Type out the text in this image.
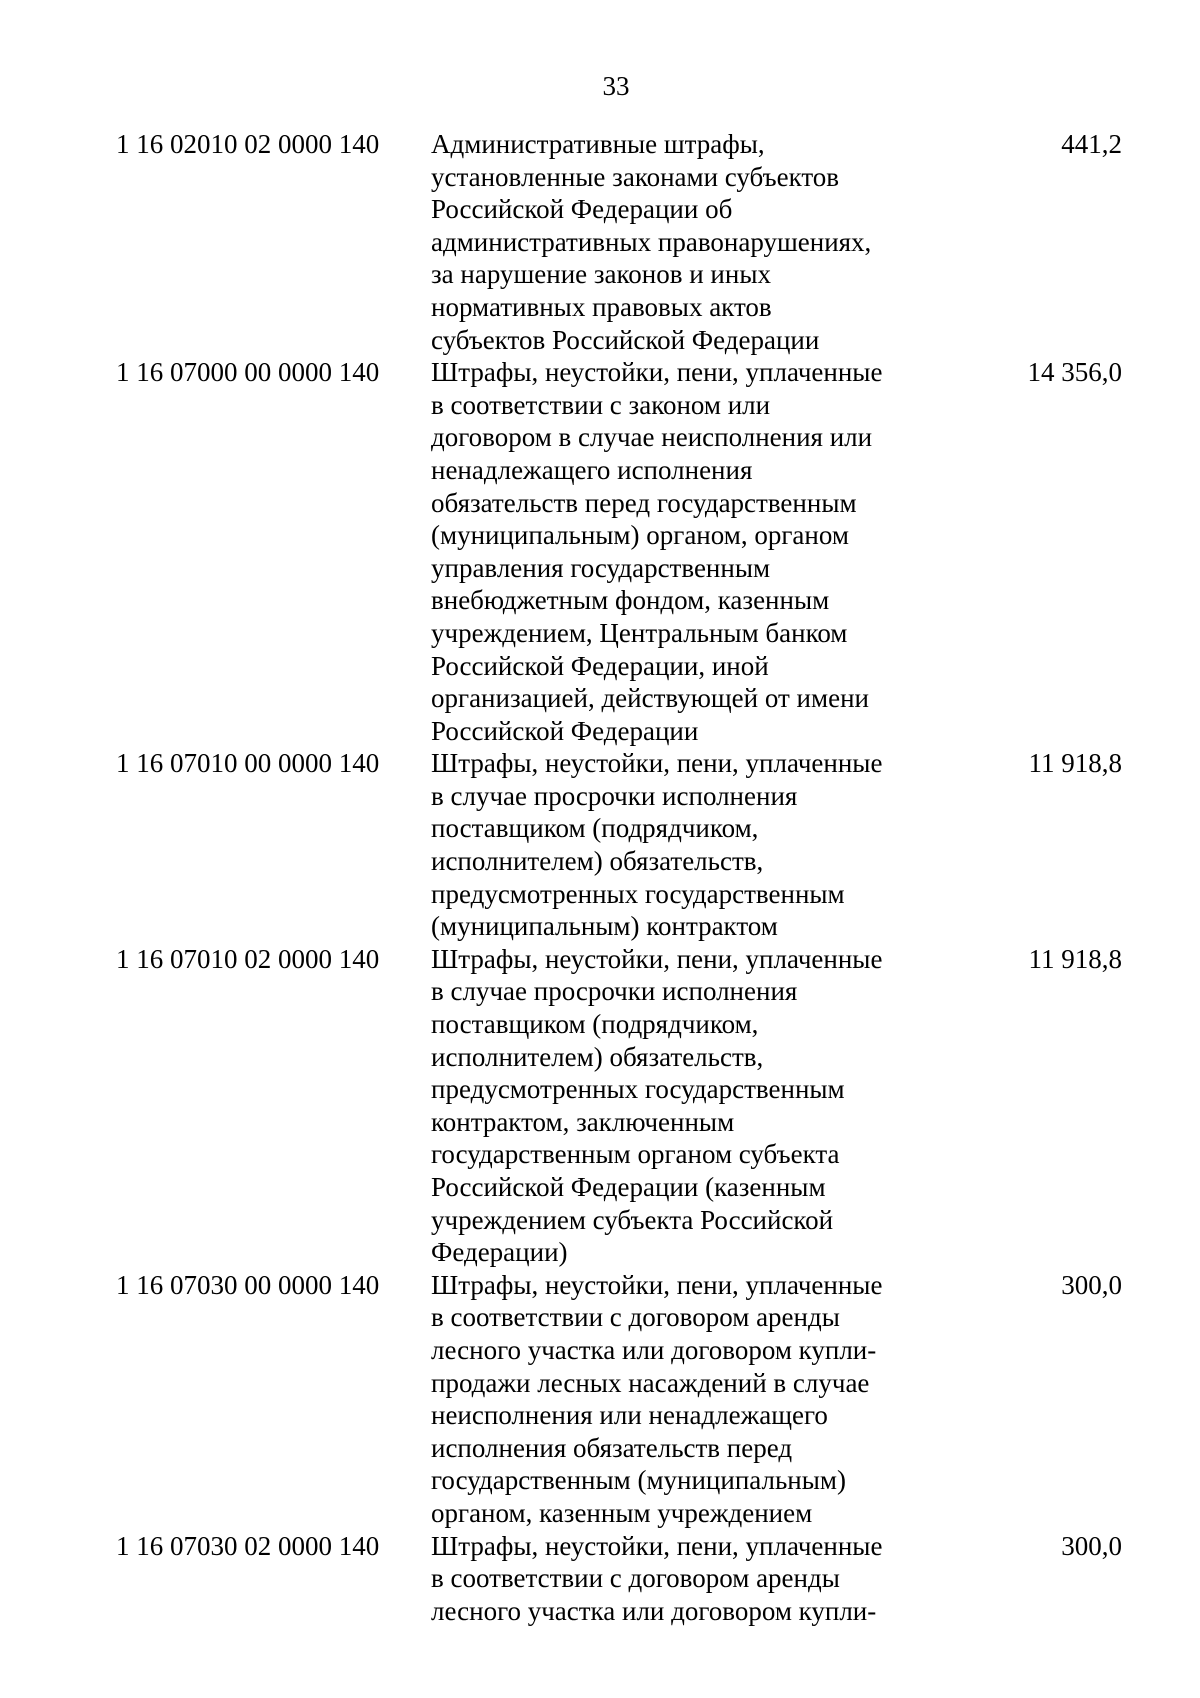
33
1 16 02010 02 0000 140 Административные штрафы,
установленные законами субъектов
Российской Федерации об
административных правонарушениях,
за нарушение законов и иных
нормативных правовых актов
субъектов Российской Федерации
441,2
1 16 07000 00 0000 140 Штрафы, неустойки, пени, уплаченные
в соответствии с законом или
договором в случае неисполнения или
ненадлежащего исполнения
обязательств перед государственным
(муниципальным) органом, органом
управления государственным
внебюджетным фондом, казенным
учреждением, Центральным банком
Российской Федерации, иной
организацией, действующей от имени
Российской Федерации
14 356,0
1 16 07010 00 0000 140 Штрафы, неустойки, пени, уплаченные
в случае просрочки исполнения
поставщиком (подрядчиком,
исполнителем) обязательств,
предусмотренных государственным
(муниципальным) контрактом
11 918,8
1 16 07010 02 0000 140 Штрафы, неустойки, пени, уплаченные
в случае просрочки исполнения
поставщиком (подрядчиком,
исполнителем) обязательств,
предусмотренных государственным
контрактом, заключенным
государственным органом субъекта
Российской Федерации (казенным
учреждением субъекта Российской
Федерации)
11 918,8
1 16 07030 00 0000 140 Штрафы, неустойки, пени, уплаченные
в соответствии с договором аренды
лесного участка или договором купли-
продажи лесных насаждений в случае
неисполнения или ненадлежащего
исполнения обязательств перед
государственным (муниципальным)
органом, казенным учреждением
300,0
1 16 07030 02 0000 140 Штрафы, неустойки, пени, уплаченные
в соответствии с договором аренды
лесного участка или договором купли-
300,0
